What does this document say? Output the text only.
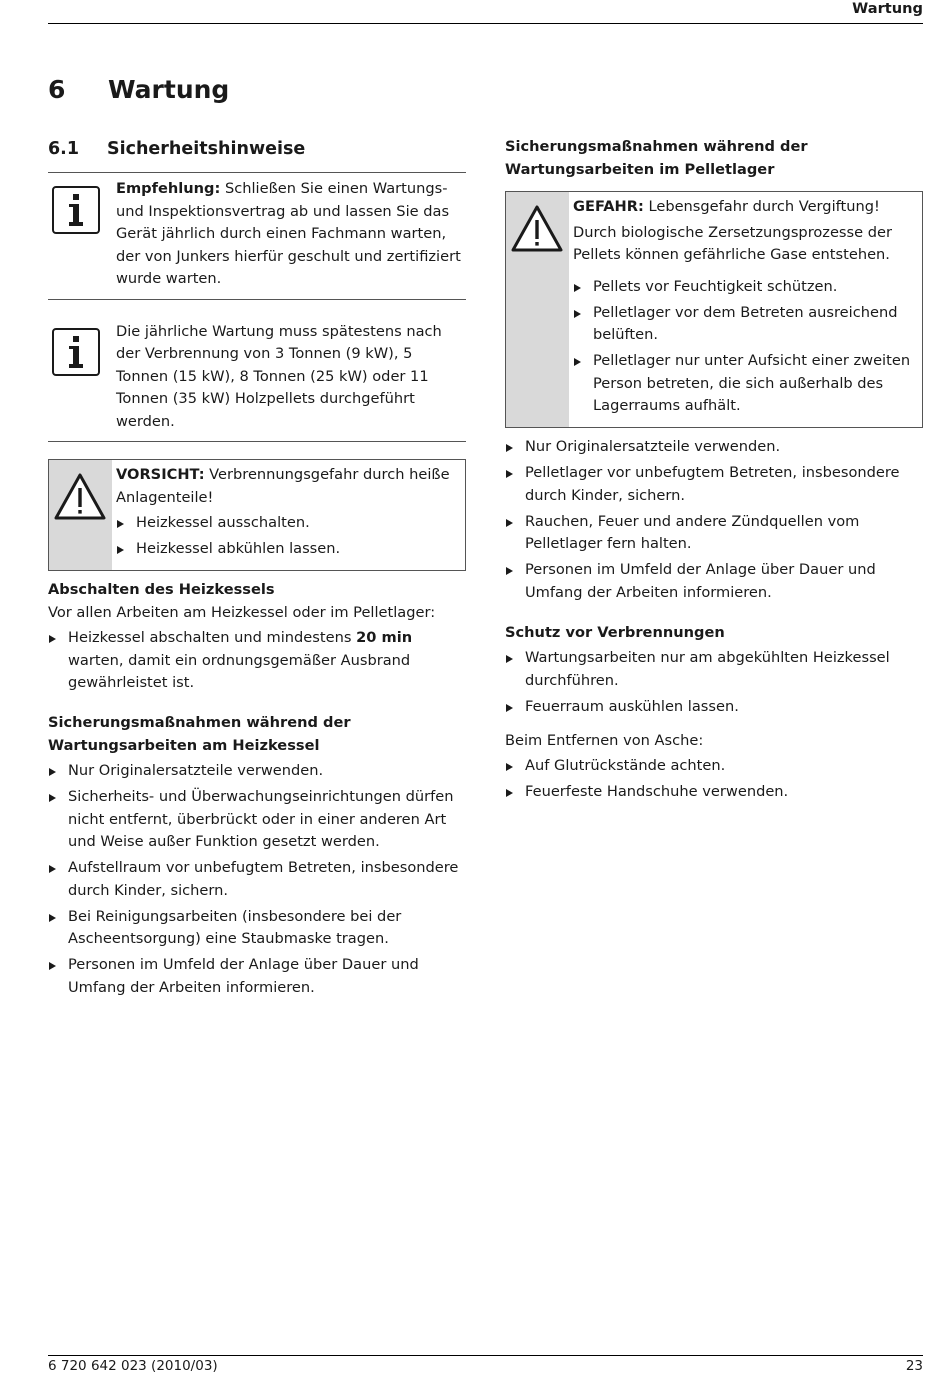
Wartung
6 Wartung
6.1 Sicherheitshinweise

Empfehlung: Schließen Sie einen Wartungs- und Inspektionsvertrag ab und lassen Sie das Gerät jährlich durch einen Fachmann warten, der von Junkers hierfür geschult und zertifiziert wurde warten.

Die jährliche Wartung muss spätestens nach der Verbrennung von 3 Tonnen (9 kW), 5 Tonnen (15 kW), 8 Tonnen (25 kW) oder 11 Tonnen (35 kW) Holzpellets durchgeführt werden.

VORSICHT: Verbrennungsgefahr durch heiße Anlagenteile!

Heizkessel ausschalten.
Heizkessel abkühlen lassen.

Abschalten des Heizkessels

Vor allen Arbeiten am Heizkessel oder im Pelletlager:

Heizkessel abschalten und mindestens 20 min warten, damit ein ordnungsgemäßer Ausbrand gewährleistet ist.

Sicherungsmaßnahmen während der Wartungsarbeiten am Heizkessel

Nur Originalersatzteile verwenden.
Sicherheits- und Überwachungseinrichtungen dürfen nicht entfernt, überbrückt oder in einer anderen Art und Weise außer Funktion gesetzt werden.
Aufstellraum vor unbefugtem Betreten, insbesondere durch Kinder, sichern.
Bei Reinigungsarbeiten (insbesondere bei der Ascheentsorgung) eine Staubmaske tragen.
Personen im Umfeld der Anlage über Dauer und Umfang der Arbeiten informieren.

Sicherungsmaßnahmen während der Wartungsarbeiten im Pelletlager

GEFAHR: Lebensgefahr durch Vergiftung!

Durch biologische Zersetzungsprozesse der Pellets können gefährliche Gase entstehen.

Pellets vor Feuchtigkeit schützen.
Pelletlager vor dem Betreten ausreichend belüften.
Pelletlager nur unter Aufsicht einer zweiten Person betreten, die sich außerhalb des Lagerraums aufhält.
Nur Originalersatzteile verwenden.
Pelletlager vor unbefugtem Betreten, insbesondere durch Kinder, sichern.
Rauchen, Feuer und andere Zündquellen vom Pelletlager fern halten.
Personen im Umfeld der Anlage über Dauer und Umfang der Arbeiten informieren.

Schutz vor Verbrennungen

Wartungsarbeiten nur am abgekühlten Heizkessel durchführen.
Feuerraum auskühlen lassen.

Beim Entfernen von Asche:

Auf Glutrückstände achten.
Feuerfeste Handschuhe verwenden.
6 720 642 023 (2010/03)	23
